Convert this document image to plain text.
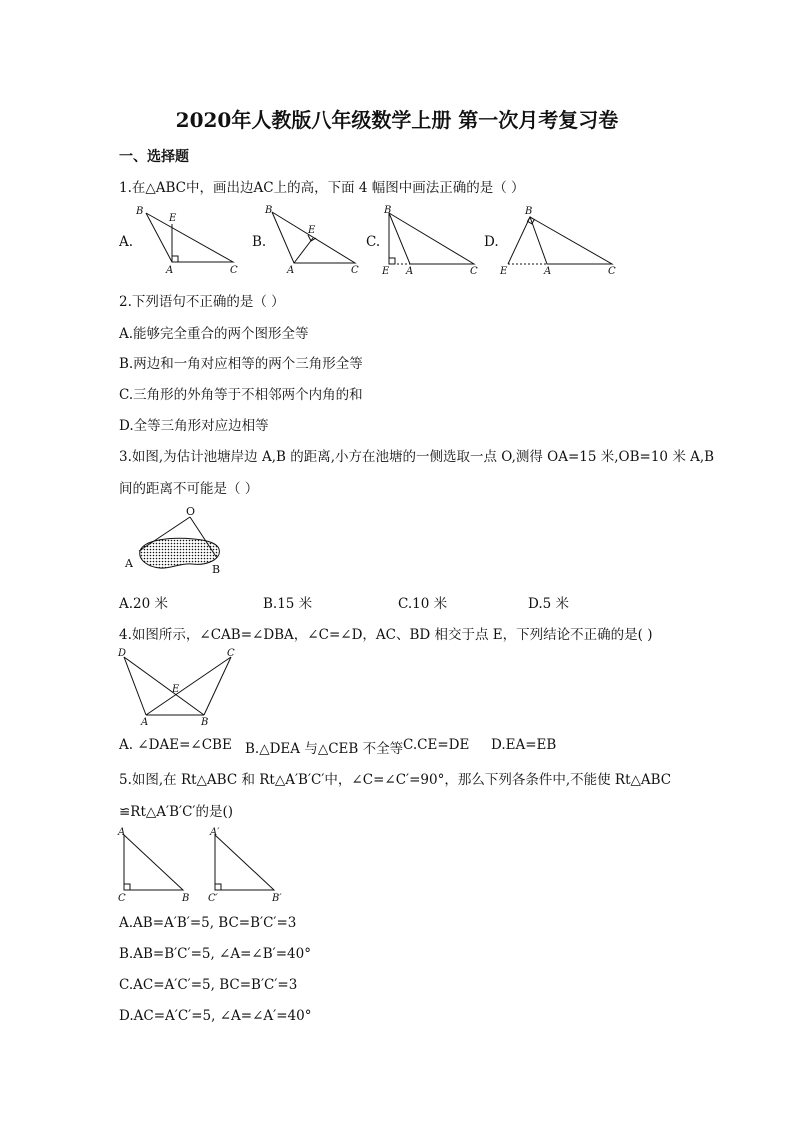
2020年人教版八年级数学上册 第一次月考复习卷
一、选择题
1.在△ABC中，画出边AC上的高，下面 4 幅图中画法正确的是（ ）
A.
B
E
A	C
B.
B
E
A	C
C.
B
E A	C
D.
B
E	A	C
2.下列语句不正确的是（ ）
A.能够完全重合的两个图形全等
B.两边和一角对应相等的两个三角形全等
C.三角形的外角等于不相邻两个内角的和
D.全等三角形对应边相等
3.如图,为估计池塘岸边 A,B 的距离,小方在池塘的一侧选取一点 O,测得 OA=15 米,OB=10 米 A,B
间的距离不可能是（ ）
O
A	B
A.20 米	B.15 米	C.10 米	D.5 米
4.如图所示，∠CAB=∠DBA，∠C=∠D，AC、BD 相交于点 E，下列结论不正确的是( )
D	C
E
A	B
A. ∠DAE=∠CBE B.△DEA 与△CEB 不全等 C.CE=DE D.EA=EB
5.如图,在 Rt△ABC 和 Rt△A′B′C′中，∠C=∠C′=90°，那么下列各条件中,不能使 Rt△ABC
≌Rt△A′B′C′的是()
A
C	B
A′
C′	B′
A.AB=A′B′=5, BC=B′C′=3
B.AB=B′C′=5, ∠A=∠B′=40°
C.AC=A′C′=5, BC=B′C′=3
D.AC=A′C′=5, ∠A=∠A′=40°
